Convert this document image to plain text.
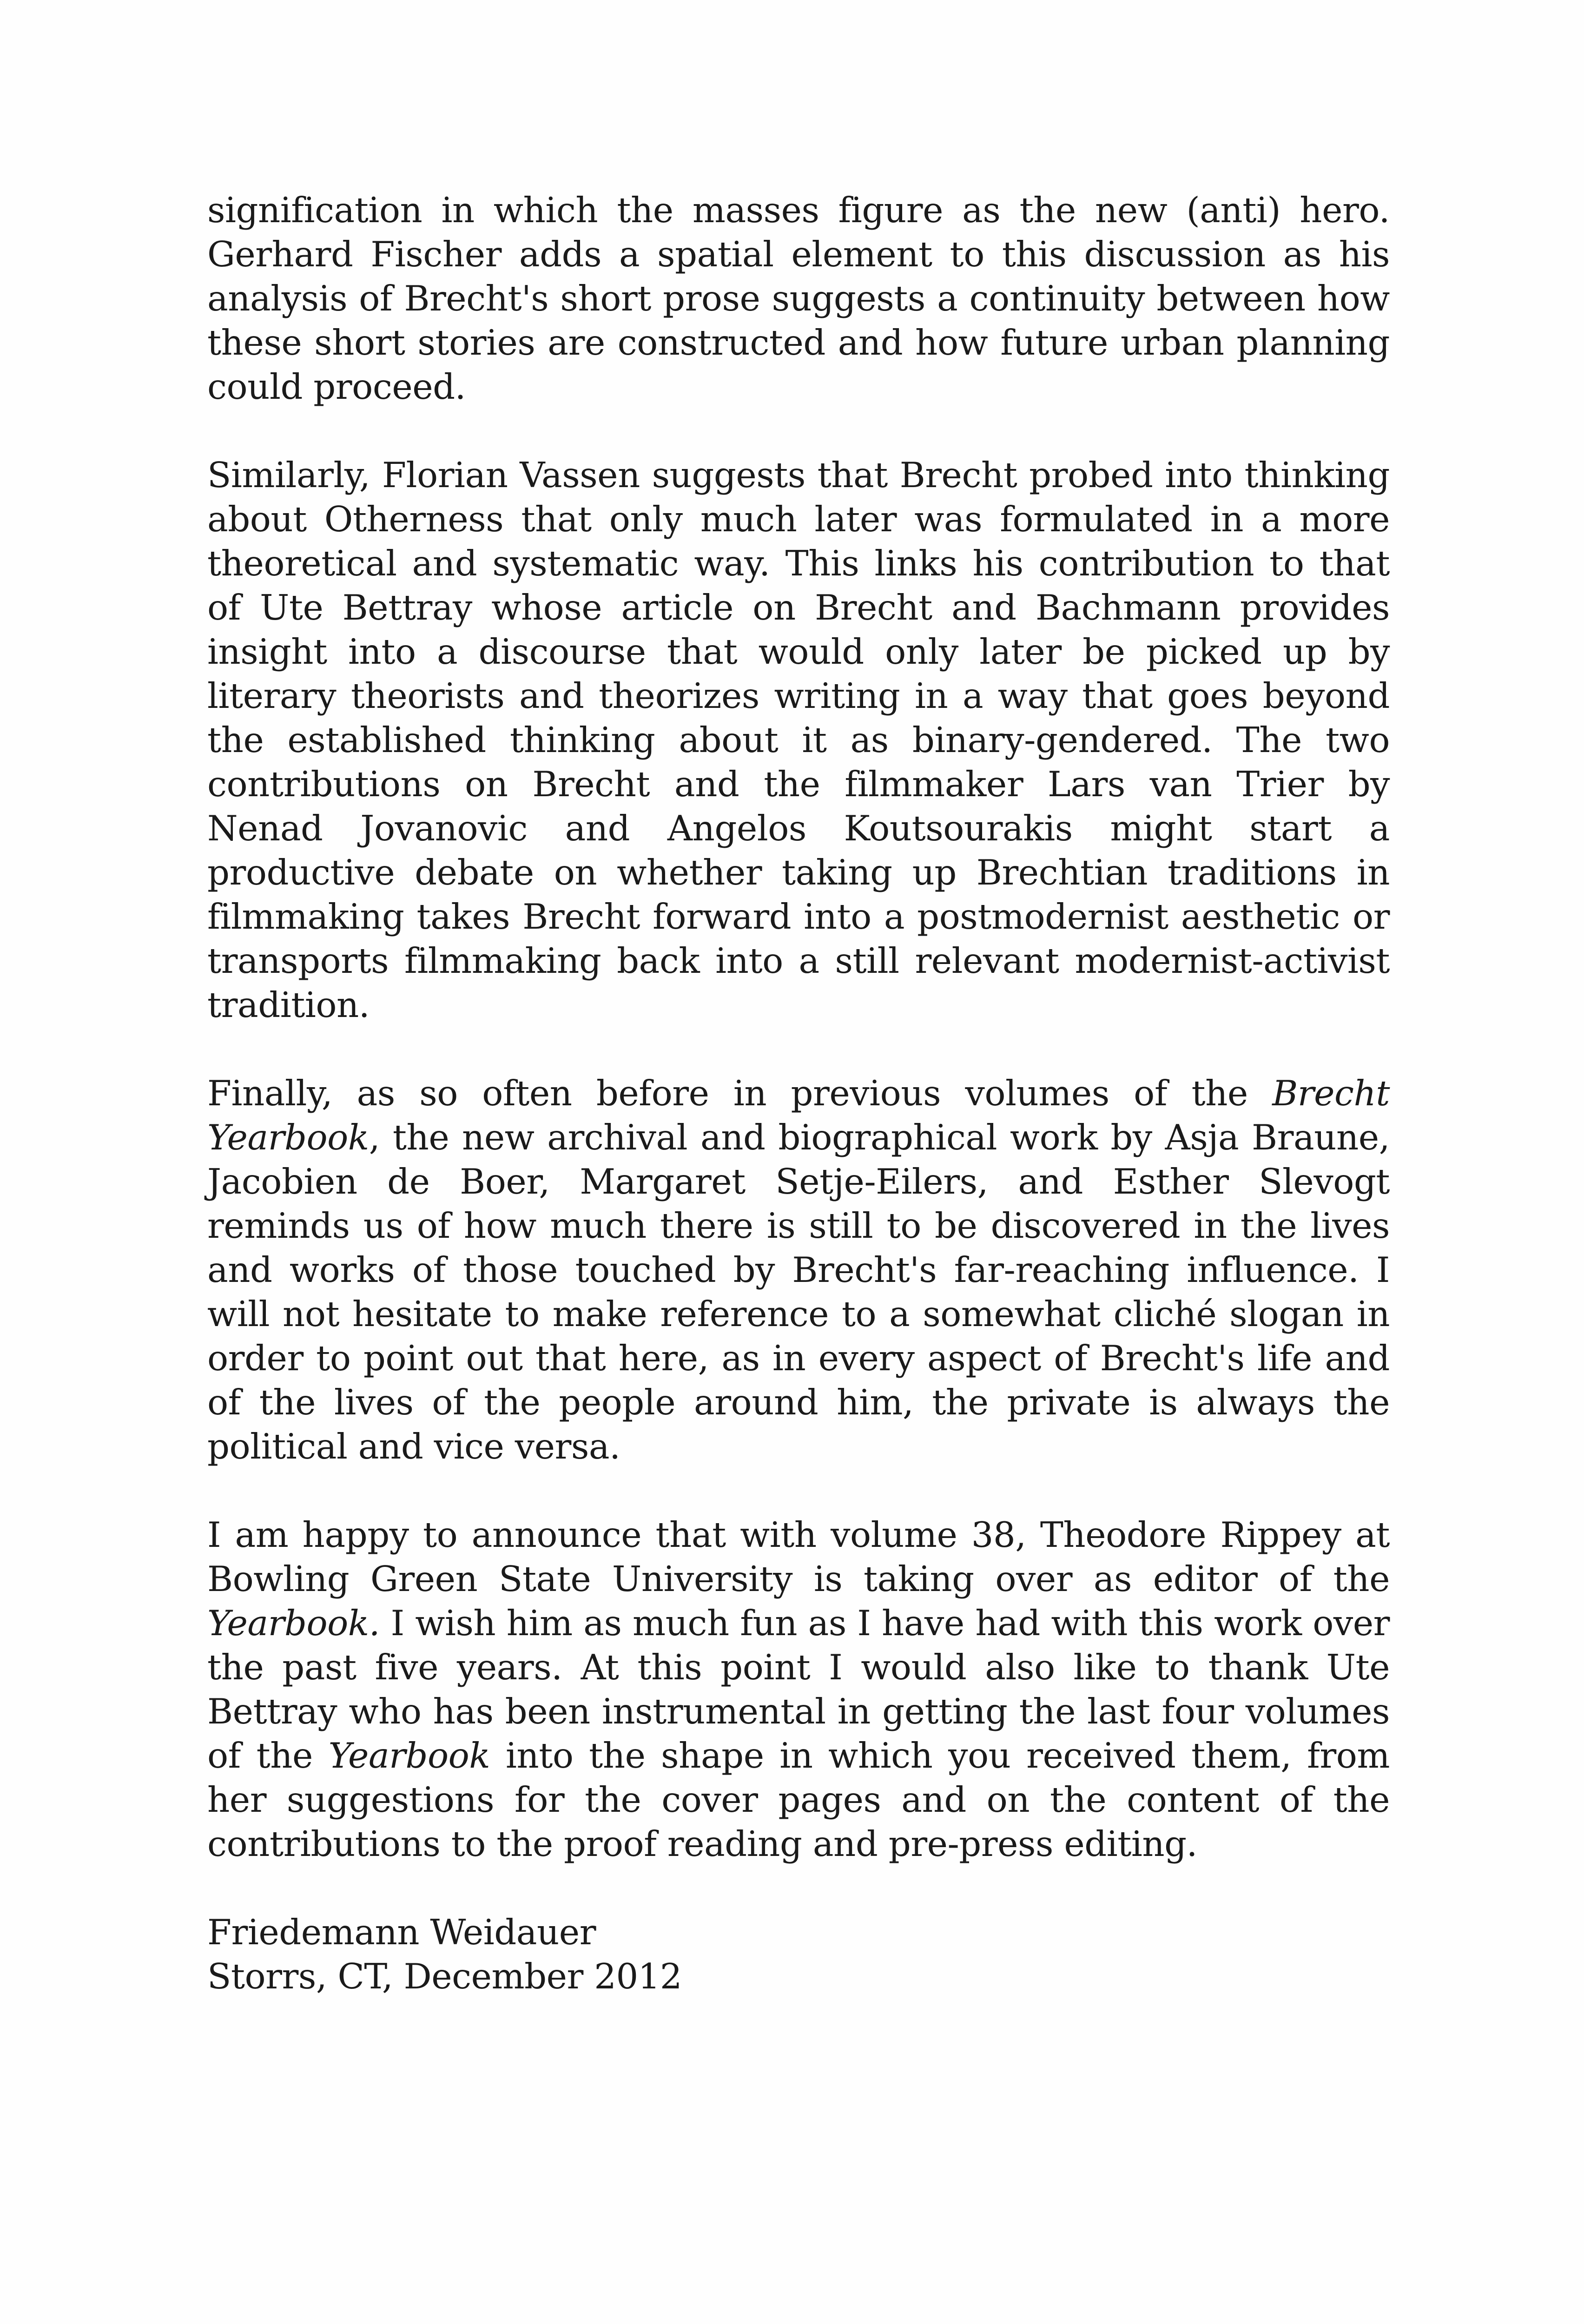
signification in which the masses figure as the new (anti) hero. Gerhard Fischer adds a spatial element to this discussion as his analysis of Brecht's short prose suggests a continuity between how these short stories are constructed and how future urban planning could proceed.

Similarly, Florian Vassen suggests that Brecht probed into thinking about Otherness that only much later was formulated in a more theoretical and systematic way. This links his contribution to that of Ute Bettray whose article on Brecht and Bachmann provides insight into a discourse that would only later be picked up by literary theorists and theorizes writing in a way that goes beyond the established thinking about it as binary-gendered. The two contributions on Brecht and the filmmaker Lars van Trier by Nenad Jovanovic and Angelos Koutsourakis might start a productive debate on whether taking up Brechtian traditions in filmmaking takes Brecht forward into a postmodernist aesthetic or transports filmmaking back into a still relevant modernist-activist tradition.

Finally, as so often before in previous volumes of the Brecht Yearbook, the new archival and biographical work by Asja Braune, Jacobien de Boer, Margaret Setje-Eilers, and Esther Slevogt reminds us of how much there is still to be discovered in the lives and works of those touched by Brecht's far-reaching influence. I will not hesitate to make reference to a somewhat cliché slogan in order to point out that here, as in every aspect of Brecht's life and of the lives of the people around him, the private is always the political and vice versa.

I am happy to announce that with volume 38, Theodore Rippey at Bowling Green State University is taking over as editor of the Yearbook. I wish him as much fun as I have had with this work over the past five years. At this point I would also like to thank Ute Bettray who has been instrumental in getting the last four volumes of the Yearbook into the shape in which you received them, from her suggestions for the cover pages and on the content of the contributions to the proof reading and pre-press editing.

Friedemann Weidauer
Storrs, CT, December 2012
